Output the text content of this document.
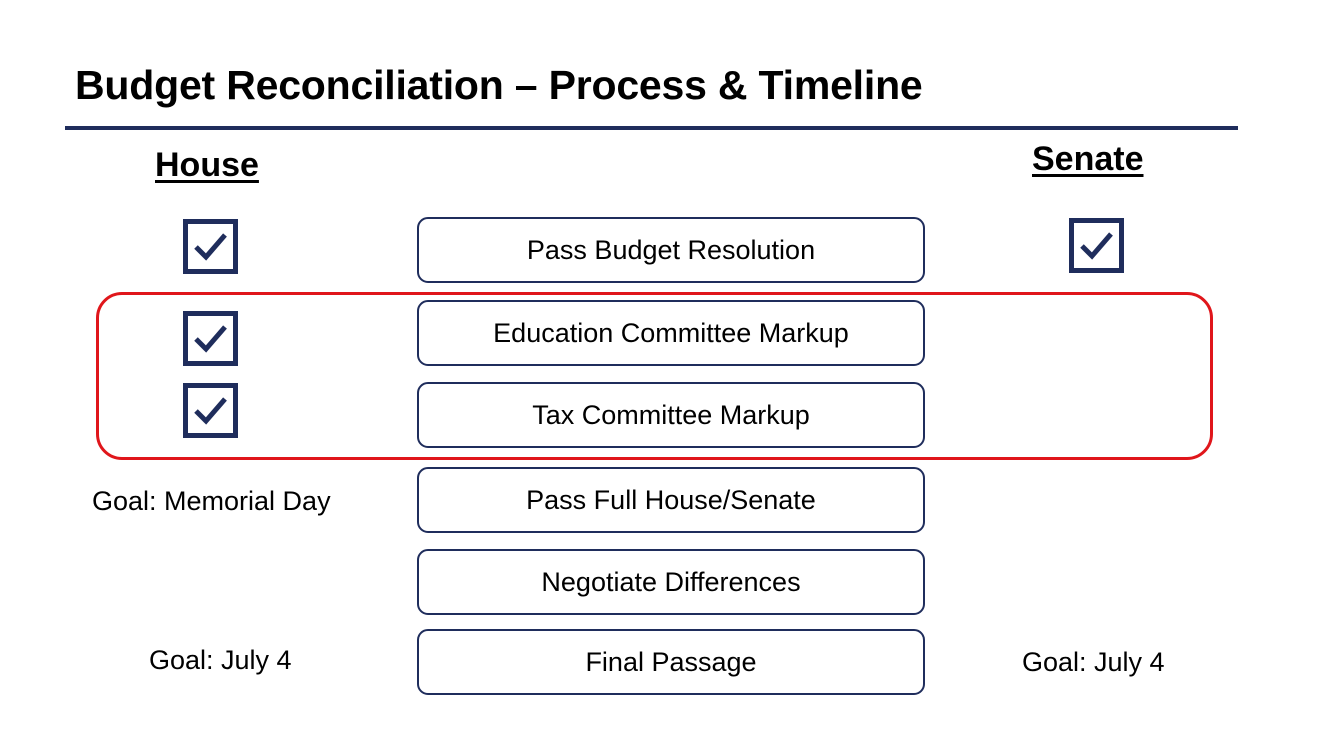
Budget Reconciliation – Process & Timeline
House	Senate
Pass Budget Resolution
Education Committee Markup
Tax Committee Markup
Pass Full House/Senate
Negotiate Differences
Final Passage
Goal: Memorial Day
Goal: July 4	Goal: July 4
